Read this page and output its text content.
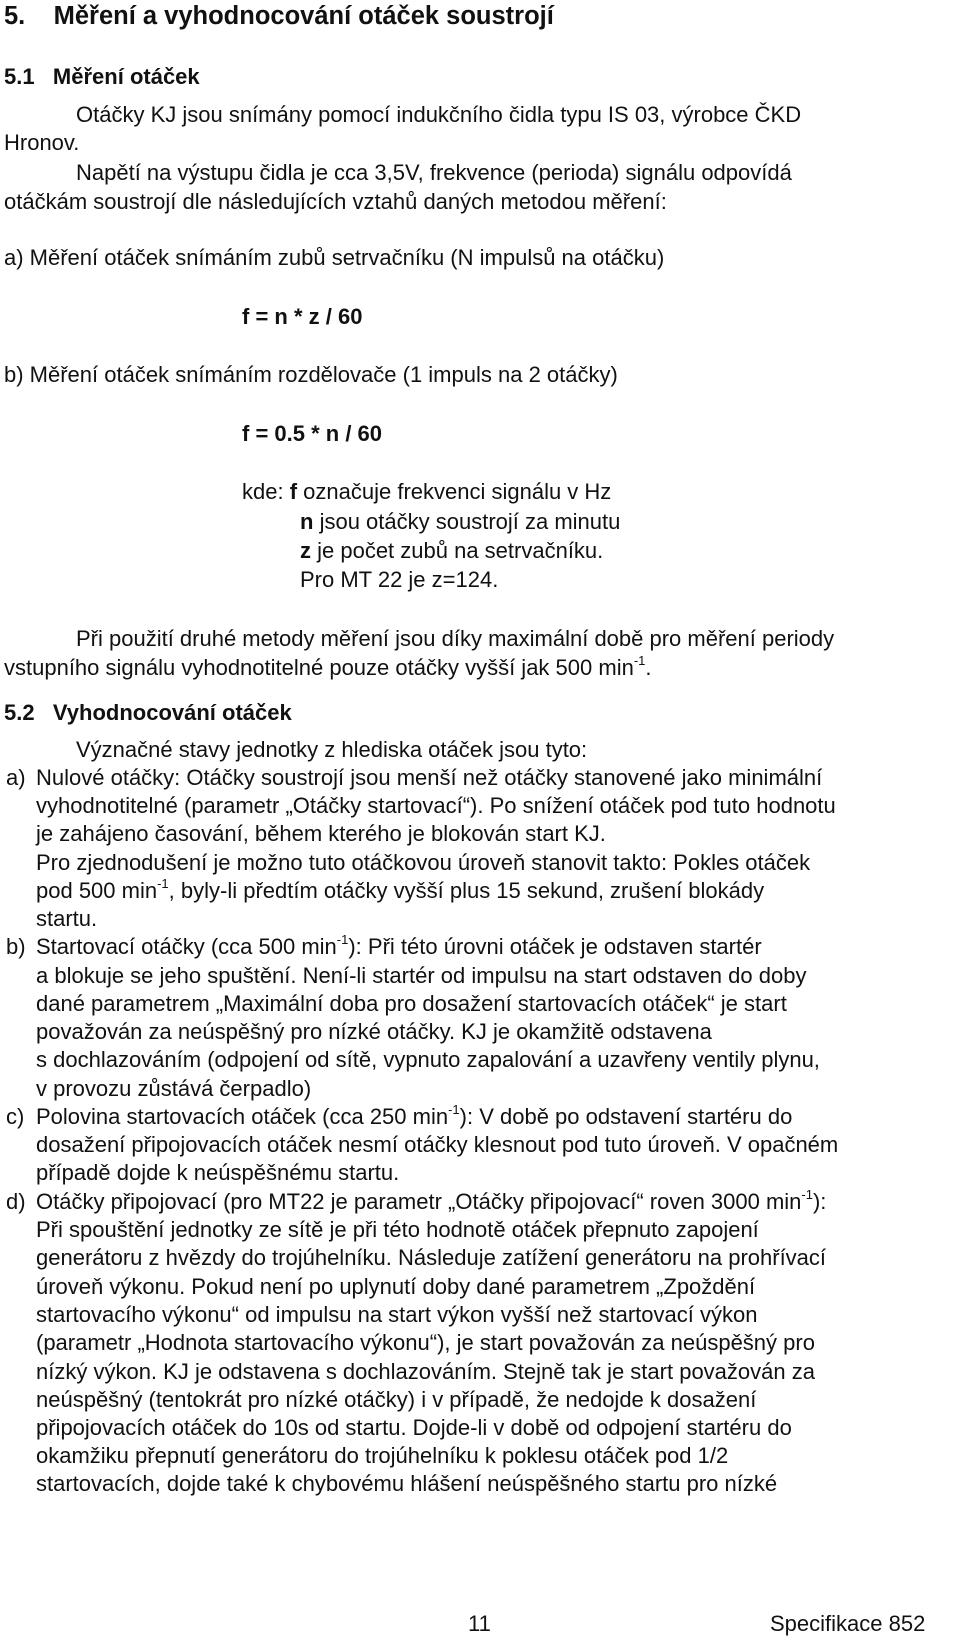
5.    Měření a vyhodnocování otáček soustrojí
5.1   Měření otáček
Otáčky KJ jsou snímány pomocí indukčního čidla typu IS 03, výrobce ČKD
Hronov.
Napětí na výstupu čidla je cca 3,5V, frekvence (perioda) signálu odpovídá
otáčkám soustrojí dle následujících vztahů daných metodou měření:
a) Měření otáček snímáním zubů setrvačníku (N impulsů na otáčku)
f = n * z / 60
b) Měření otáček snímáním rozdělovače (1 impuls na 2 otáčky)
f = 0.5 * n / 60
kde: f označuje frekvenci signálu v Hz
n jsou otáčky soustrojí za minutu
z je počet zubů na setrvačníku.
Pro MT 22 je z=124.
Při použití druhé metody měření jsou díky maximální době pro měření periody
vstupního signálu vyhodnotitelné pouze otáčky vyšší jak 500 $\min^{-1}$.
5.2   Vyhodnocování otáček
Význačné stavy jednotky z hlediska otáček jsou tyto:
a) Nulové otáčky: Otáčky soustrojí jsou menší než otáčky stanovené jako minimální
vyhodnotitelné (parametr „Otáčky startovací“). Po snížení otáček pod tuto hodnotu
je zahájeno časování, během kterého je blokován start KJ.
Pro zjednodušení je možno tuto otáčkovou úroveň stanovit takto: Pokles otáček
pod 500 $\min^{-1}$, byly-li předtím otáčky vyšší plus 15 sekund, zrušení blokády
startu.
b) Startovací otáčky (cca 500 $\min^{-1}$): Při této úrovni otáček je odstaven startér
a blokuje se jeho spuštění. Není-li startér od impulsu na start odstaven do doby
dané parametrem „Maximální doba pro dosažení startovacích otáček“ je start
považován za neúspěšný pro nízké otáčky. KJ je okamžitě odstavena
s dochlazováním (odpojení od sítě, vypnuto zapalování a uzavřeny ventily plynu,
v provozu zůstává čerpadlo)
c) Polovina startovacích otáček (cca 250 $\min^{-1}$): V době po odstavení startéru do
dosažení připojovacích otáček nesmí otáčky klesnout pod tuto úroveň. V opačném
případě dojde k neúspěšnému startu.
d) Otáčky připojovací (pro MT22 je parametr „Otáčky připojovací“ roven 3000 $\min^{-1}$):
Při spouštění jednotky ze sítě je při této hodnotě otáček přepnuto zapojení
generátoru z hvězdy do trojúhelníku. Následuje zatížení generátoru na prohřívací
úroveň výkonu. Pokud není po uplynutí doby dané parametrem „Zpoždění
startovacího výkonu“ od impulsu na start výkon vyšší než startovací výkon
(parametr „Hodnota startovacího výkonu“), je start považován za neúspěšný pro
nízký výkon. KJ je odstavena s dochlazováním. Stejně tak je start považován za
neúspěšný (tentokrát pro nízké otáčky) i v případě, že nedojde k dosažení
připojovacích otáček do 10s od startu. Dojde-li v době od odpojení startéru do
okamžiku přepnutí generátoru do trojúhelníku k poklesu otáček pod 1/2
startovacích, dojde také k chybovému hlášení neúspěšného startu pro nízké
11	Specifikace 852
